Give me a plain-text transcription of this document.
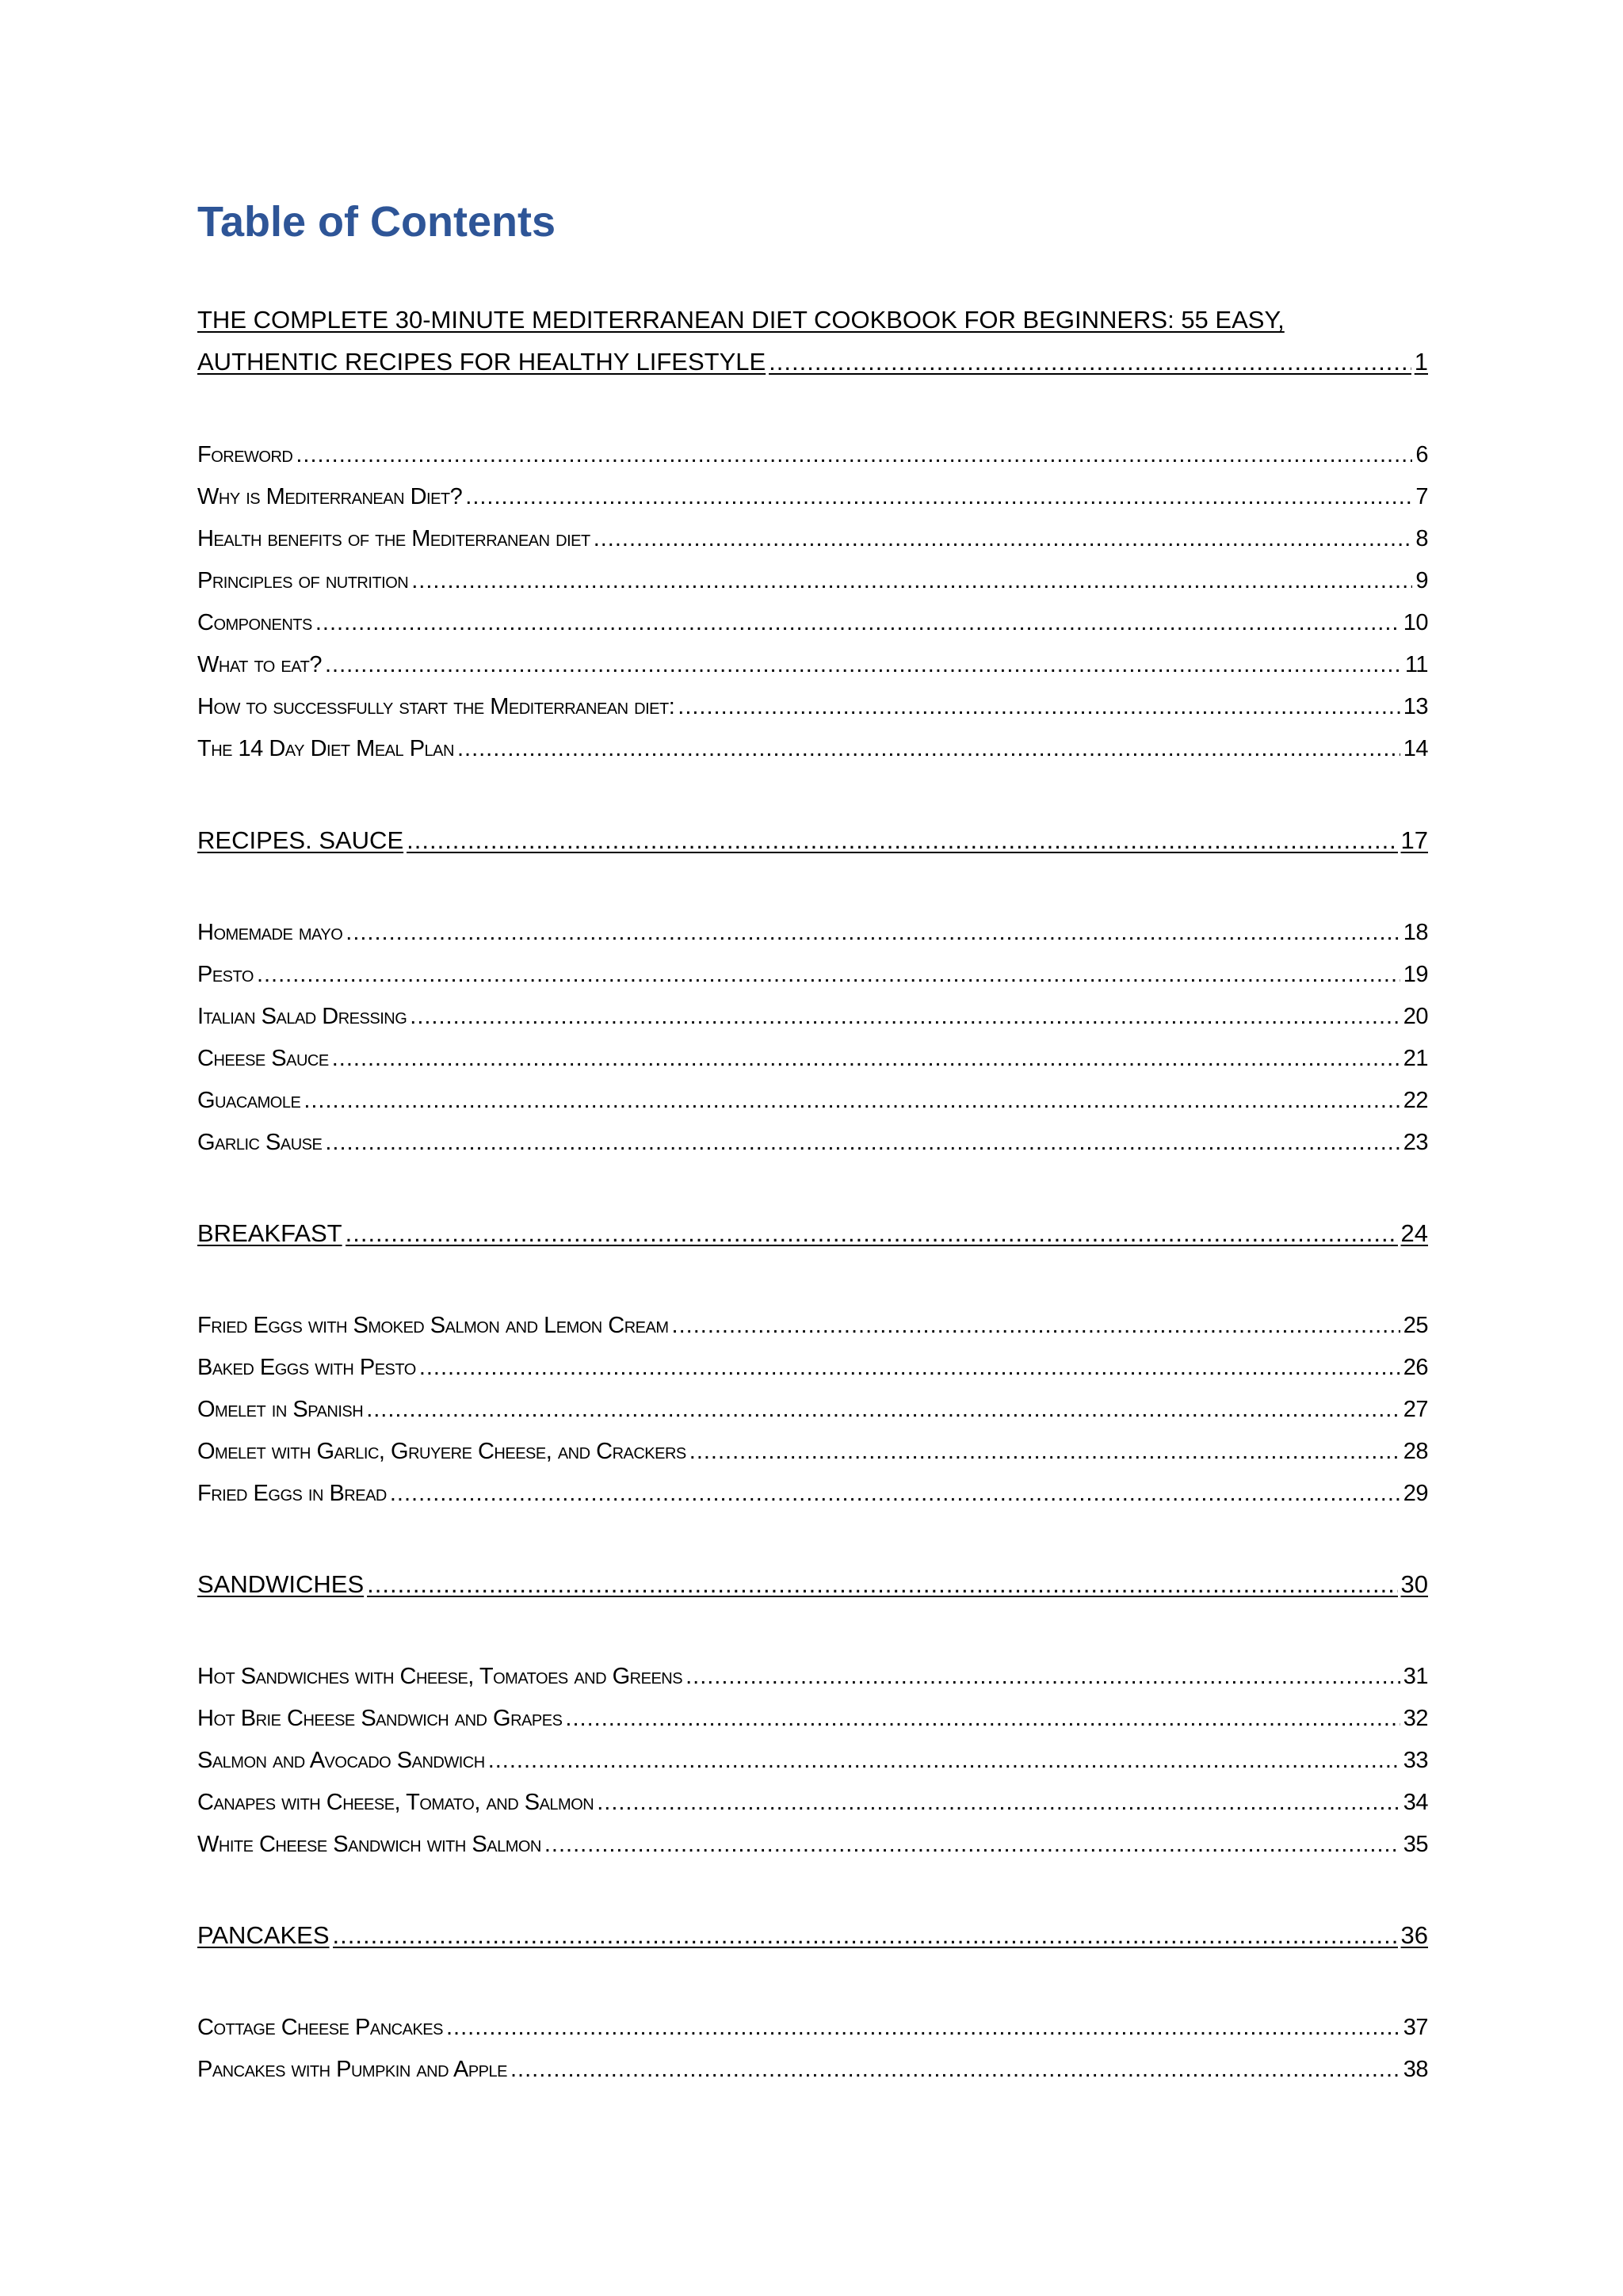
Table of Contents
THE COMPLETE 30-MINUTE MEDITERRANEAN DIET COOKBOOK FOR BEGINNERS: 55 EASY,
AUTHENTIC RECIPES FOR HEALTHY LIFESTYLE .....	1
Foreword .....	6
Why is Mediterranean Diet? .....	7
Health benefits of the Mediterranean diet .....	8
Principles of nutrition .....	9
Components .....	10
What to eat? .....	11
How to successfully start the Mediterranean diet: .....	13
The 14 Day Diet Meal Plan .....	14
RECIPES. SAUCE .....	17
Homemade mayo .....	18
Pesto .....	19
Italian Salad Dressing .....	20
Cheese Sauce .....	21
Guacamole .....	22
Garlic Sause .....	23
BREAKFAST .....	24
Fried Eggs with Smoked Salmon and Lemon Cream .....	25
Baked Eggs with Pesto .....	26
Omelet in Spanish .....	27
Omelet with Garlic, Gruyere Cheese, and Crackers .....	28
Fried Eggs in Bread .....	29
SANDWICHES .....	30
Hot Sandwiches with Cheese, Tomatoes and Greens .....	31
Hot Brie Cheese Sandwich and Grapes .....	32
Salmon and Avocado Sandwich .....	33
Canapes with Cheese, Tomato, and Salmon .....	34
White Cheese Sandwich with Salmon .....	35
PANCAKES .....	36
Cottage Cheese Pancakes .....	37
Pancakes with Pumpkin and Apple .....	38
